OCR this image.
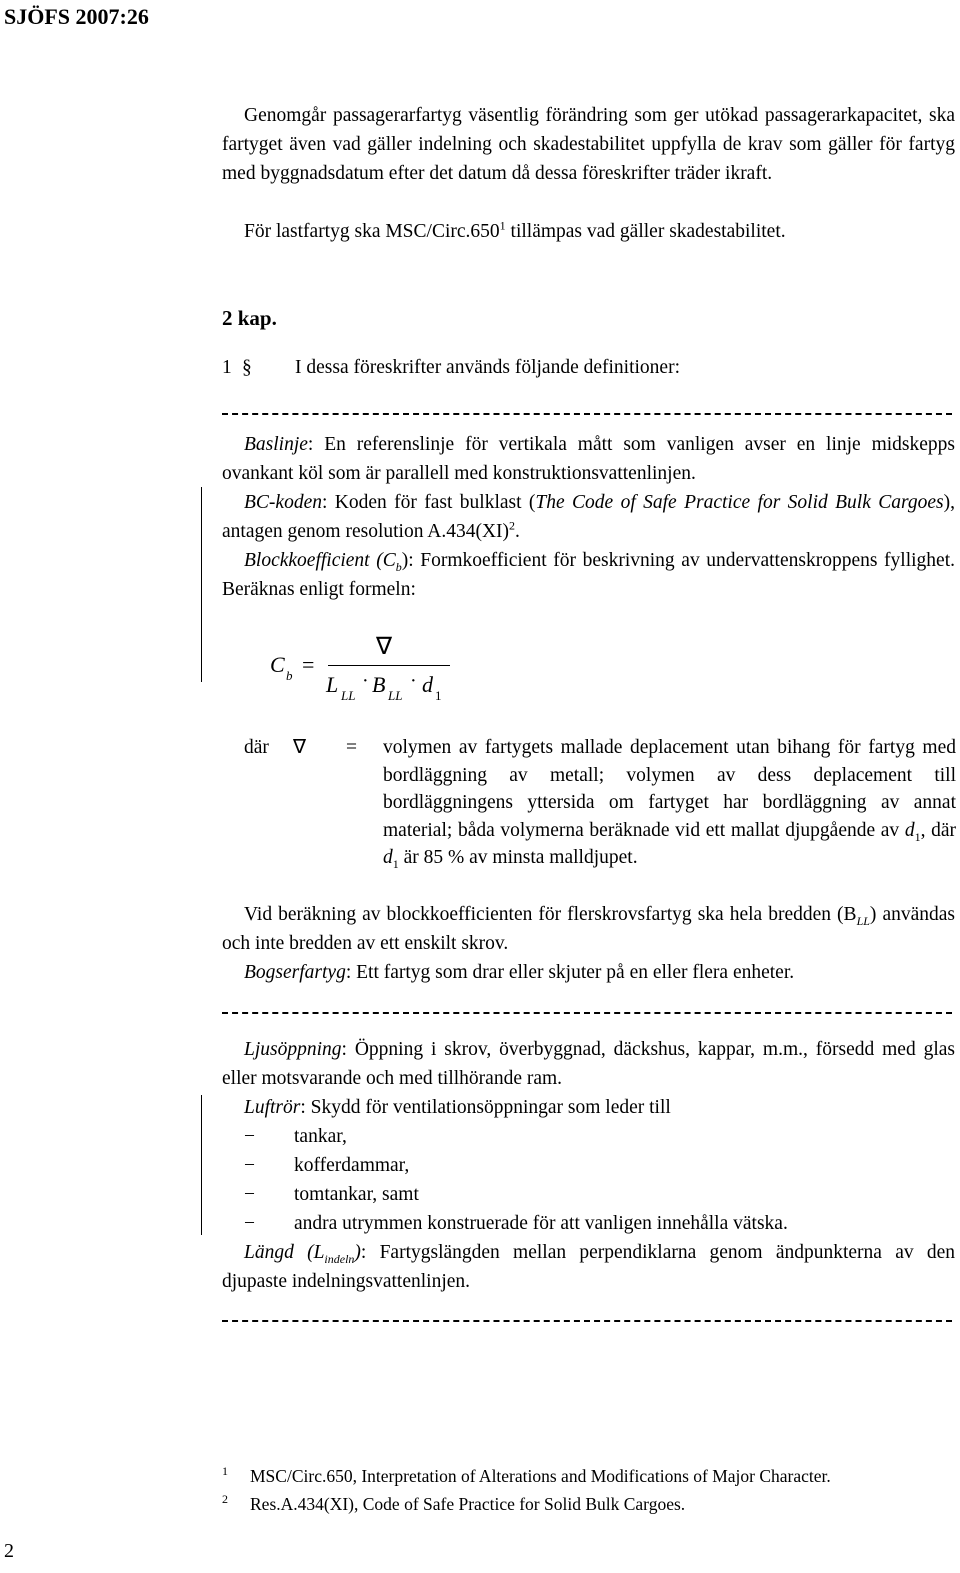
SJÖFS 2007:26
Genomgår passagerarfartyg väsentlig förändring som ger utökad passagerarkapacitet, ska fartyget även vad gäller indelning och skadestabilitet uppfylla de krav som gäller för fartyg med byggnadsdatum efter det datum då dessa föreskrifter träder ikraft.
För lastfartyg ska MSC/Circ.650$^1$ tillämpas vad gäller skadestabilitet.
2 kap.
1 § I dessa föreskrifter används följande definitioner:
Baslinje: En referenslinje för vertikala mått som vanligen avser en linje midskepps ovankant köl som är parallell med konstruktionsvattenlinjen.
BC-koden: Koden för fast bulklast (The Code of Safe Practice for Solid Bulk Cargoes), antagen genom resolution A.434(XI)$^2$.
Blockkoefficient $(C_b)$: Formkoefficient för beskrivning av undervattenskroppens fyllighet. Beräknas enligt formeln:
C b =
∇
L LL
· B LL
· d 1
där ∇ = volymen av fartygets mallade deplacement utan bihang för fartyg med bordläggning av metall; volymen av dess deplacement till bordläggningens yttersida om fartyget har bordläggning av annat material; båda volymerna beräknade vid ett mallat djupgående av $d_1$, där $d_1$ är 85 % av minsta malldjupet.
Vid beräkning av blockkoefficienten för flerskrovsfartyg ska hela bredden $(B_{LL})$ användas och inte bredden av ett enskilt skrov.
Bogserfartyg: Ett fartyg som drar eller skjuter på en eller flera enheter.
Ljusöppning: Öppning i skrov, överbyggnad, däckshus, kappar, m.m., försedd med glas eller motsvarande och med tillhörande ram.
Luftrör: Skydd för ventilationsöppningar som leder till
− tankar,
− kofferdammar,
− tomtankar, samt
− andra utrymmen konstruerade för att vanligen innehålla vätska.
Längd $(L_{indeln})$: Fartygslängden mellan perpendiklarna genom ändpunkterna av den djupaste indelningsvattenlinjen.
1 MSC/Circ.650, Interpretation of Alterations and Modifications of Major Character.
2 Res.A.434(XI), Code of Safe Practice for Solid Bulk Cargoes.
2
